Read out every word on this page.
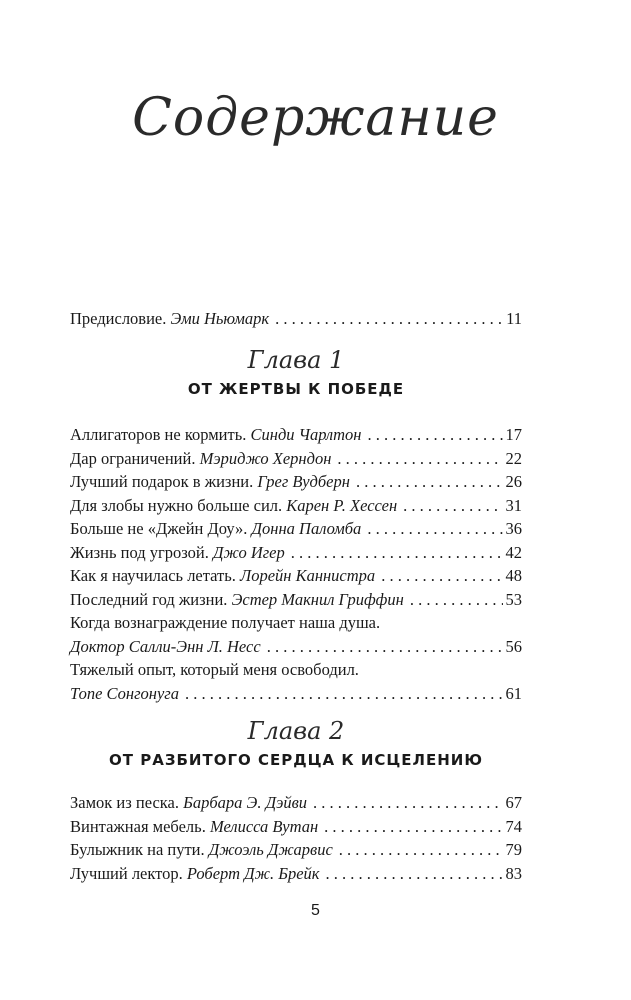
Содержание
Предисловие. Эми Ньюмарк . . .	11
Глава 1
ОТ ЖЕРТВЫ К ПОБЕДЕ
Аллигаторов не кормить. Синди Чарлтон . . .	17
Дар ограничений. Мэриджо Херндон . . .	22
Лучший подарок в жизни. Грег Вудберн . . .	26
Для злобы нужно больше сил. Карен Р. Хессен . . .	31
Больше не «Джейн Доу». Донна Паломба . . .	36
Жизнь под угрозой. Джо Игер . . .	42
Как я научилась летать. Лорейн Каннистра . . .	48
Последний год жизни. Эстер Макнил Гриффин . . .	53
Когда вознаграждение получает наша душа.
Доктор Салли-Энн Л. Несс . . .	56
Тяжелый опыт, который меня освободил.
Топе Сонгонуга . . .	61
Глава 2
ОТ РАЗБИТОГО СЕРДЦА К ИСЦЕЛЕНИЮ
Замок из песка. Барбара Э. Дэйви . . .	67
Винтажная мебель. Мелисса Вутан . . .	74
Булыжник на пути. Джоэль Джарвис . . .	79
Лучший лектор. Роберт Дж. Брейк . . .	83
5
